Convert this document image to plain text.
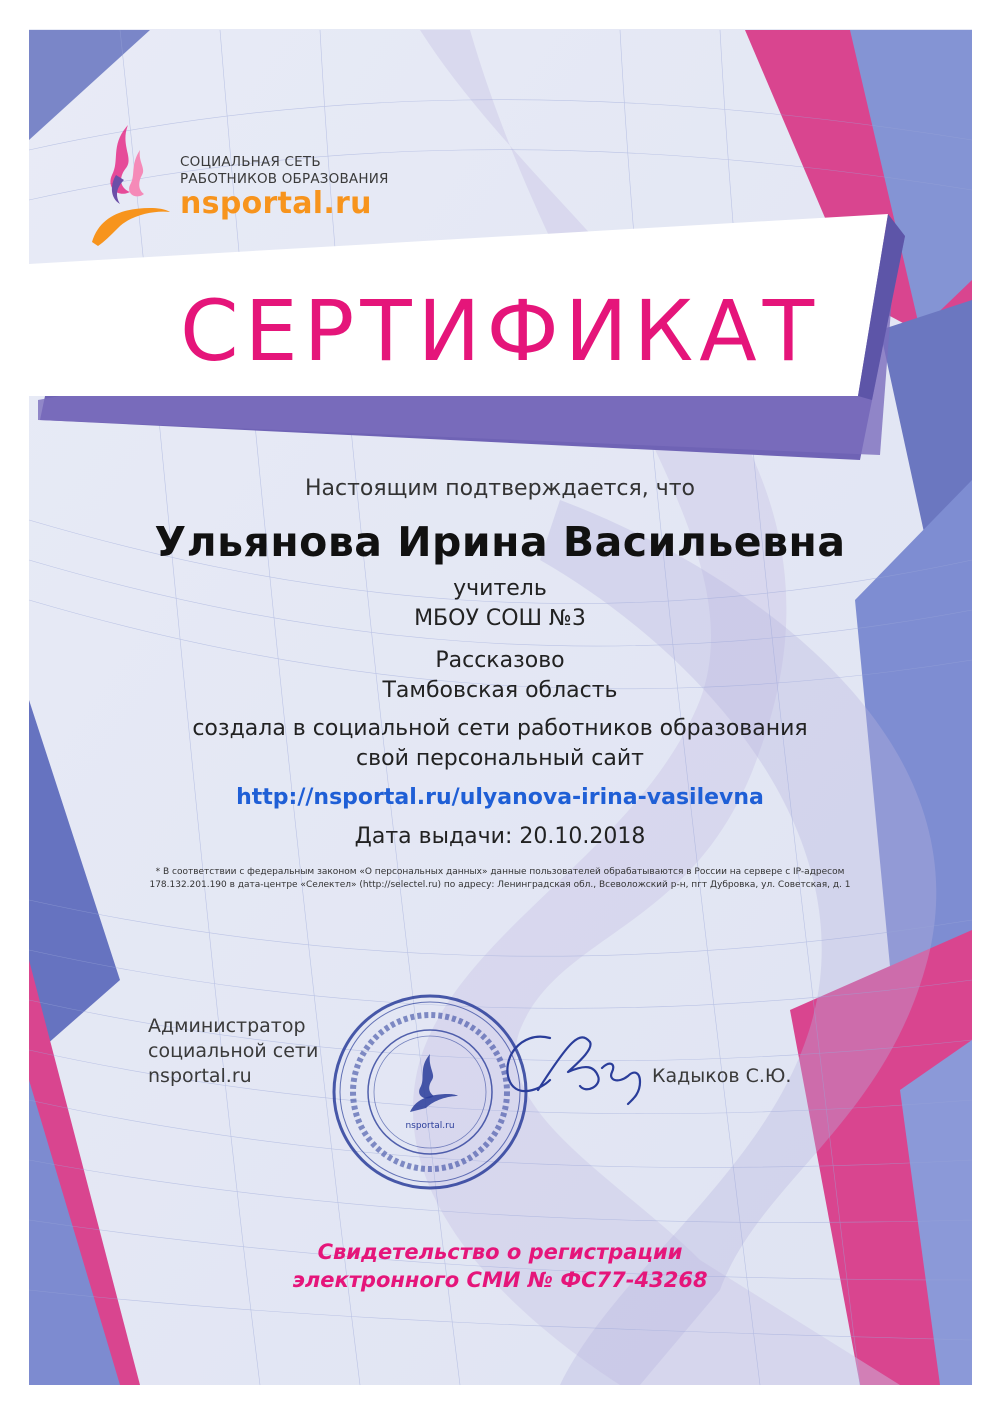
СОЦИАЛЬНАЯ СЕТЬ
РАБОТНИКОВ ОБРАЗОВАНИЯ
nsportal.ru
СЕРТИФИКАТ
Настоящим подтверждается, что
Ульянова Ирина Васильевна
учитель
МБОУ СОШ №3
Рассказово
Тамбовская область
создала в социальной сети работников образования
свой персональный сайт
http://nsportal.ru/ulyanova-irina-vasilevna
Дата выдачи: 20.10.2018
* В соответствии с федеральным законом «О персональных данных» данные пользователей обрабатываются в России на сервере с IP-адресом
178.132.201.190 в дата-центре «Селектел» (http://selectel.ru) по адресу: Ленинградская обл., Всеволожский р-н, пгт Дубровка, ул. Советская, д. 1
Администратор
социальной сети
nsportal.ru
nsportal.ru
Кадыков С.Ю.
Свидетельство о регистрации
электронного СМИ № ФС77-43268
